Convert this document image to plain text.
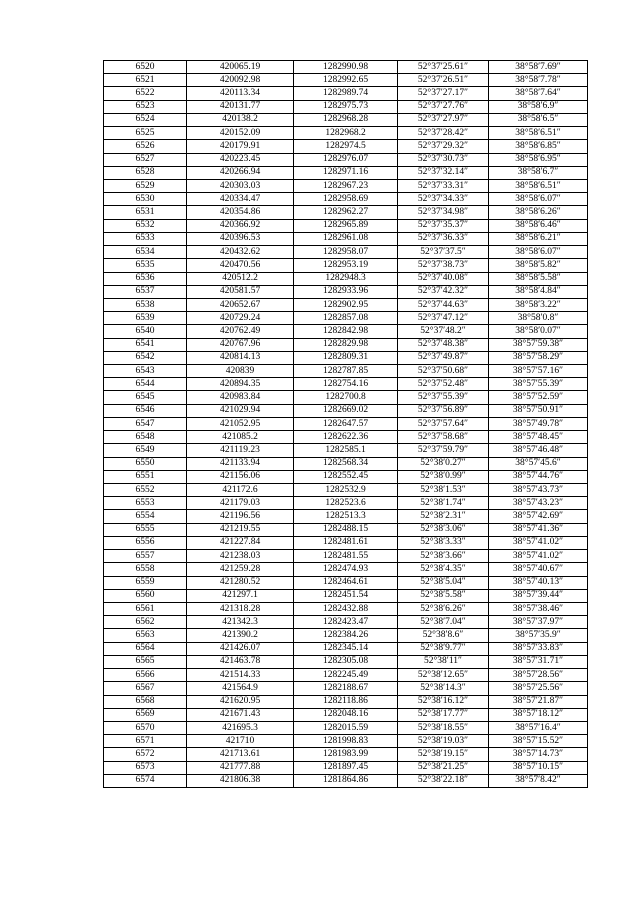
6520	420065.19	1282990.98	52°37′25.61″	38°58′7.69″
6521	420092.98	1282992.65	52°37′26.51″	38°58′7.78″
6522	420113.34	1282989.74	52°37′27.17″	38°58′7.64″
6523	420131.77	1282975.73	52°37′27.76″	38°58′6.9″
6524	420138.2	1282968.28	52°37′27.97″	38°58′6.5″
6525	420152.09	1282968.2	52°37′28.42″	38°58′6.51″
6526	420179.91	1282974.5	52°37′29.32″	38°58′6.85″
6527	420223.45	1282976.07	52°37′30.73″	38°58′6.95″
6528	420266.94	1282971.16	52°37′32.14″	38°58′6.7″
6529	420303.03	1282967.23	52°37′33.31″	38°58′6.51″
6530	420334.47	1282958.69	52°37′34.33″	38°58′6.07″
6531	420354.86	1282962.27	52°37′34.98″	38°58′6.26″
6532	420366.92	1282965.89	52°37′35.37″	38°58′6.46″
6533	420396.53	1282961.08	52°37′36.33″	38°58′6.21″
6534	420432.62	1282958.07	52°37′37.5″	38°58′6.07″
6535	420470.56	1282953.19	52°37′38.73″	38°58′5.82″
6536	420512.2	1282948.3	52°37′40.08″	38°58′5.58″
6537	420581.57	1282933.96	52°37′42.32″	38°58′4.84″
6538	420652.67	1282902.95	52°37′44.63″	38°58′3.22″
6539	420729.24	1282857.08	52°37′47.12″	38°58′0.8″
6540	420762.49	1282842.98	52°37′48.2″	38°58′0.07″
6541	420767.96	1282829.98	52°37′48.38″	38°57′59.38″
6542	420814.13	1282809.31	52°37′49.87″	38°57′58.29″
6543	420839	1282787.85	52°37′50.68″	38°57′57.16″
6544	420894.35	1282754.16	52°37′52.48″	38°57′55.39″
6545	420983.84	1282700.8	52°37′55.39″	38°57′52.59″
6546	421029.94	1282669.02	52°37′56.89″	38°57′50.91″
6547	421052.95	1282647.57	52°37′57.64″	38°57′49.78″
6548	421085.2	1282622.36	52°37′58.68″	38°57′48.45″
6549	421119.23	1282585.1	52°37′59.79″	38°57′46.48″
6550	421133.94	1282568.34	52°38′0.27″	38°57′45.6″
6551	421156.06	1282552.45	52°38′0.99″	38°57′44.76″
6552	421172.6	1282532.9	52°38′1.53″	38°57′43.73″
6553	421179.03	1282523.6	52°38′1.74″	38°57′43.23″
6554	421196.56	1282513.3	52°38′2.31″	38°57′42.69″
6555	421219.55	1282488.15	52°38′3.06″	38°57′41.36″
6556	421227.84	1282481.61	52°38′3.33″	38°57′41.02″
6557	421238.03	1282481.55	52°38′3.66″	38°57′41.02″
6558	421259.28	1282474.93	52°38′4.35″	38°57′40.67″
6559	421280.52	1282464.61	52°38′5.04″	38°57′40.13″
6560	421297.1	1282451.54	52°38′5.58″	38°57′39.44″
6561	421318.28	1282432.88	52°38′6.26″	38°57′38.46″
6562	421342.3	1282423.47	52°38′7.04″	38°57′37.97″
6563	421390.2	1282384.26	52°38′8.6″	38°57′35.9″
6564	421426.07	1282345.14	52°38′9.77″	38°57′33.83″
6565	421463.78	1282305.08	52°38′11″	38°57′31.71″
6566	421514.33	1282245.49	52°38′12.65″	38°57′28.56″
6567	421564.9	1282188.67	52°38′14.3″	38°57′25.56″
6568	421620.95	1282118.86	52°38′16.12″	38°57′21.87″
6569	421671.43	1282048.16	52°38′17.77″	38°57′18.12″
6570	421695.3	1282015.59	52°38′18.55″	38°57′16.4″
6571	421710	1281998.83	52°38′19.03″	38°57′15.52″
6572	421713.61	1281983.99	52°38′19.15″	38°57′14.73″
6573	421777.88	1281897.45	52°38′21.25″	38°57′10.15″
6574	421806.38	1281864.86	52°38′22.18″	38°57′8.42″
